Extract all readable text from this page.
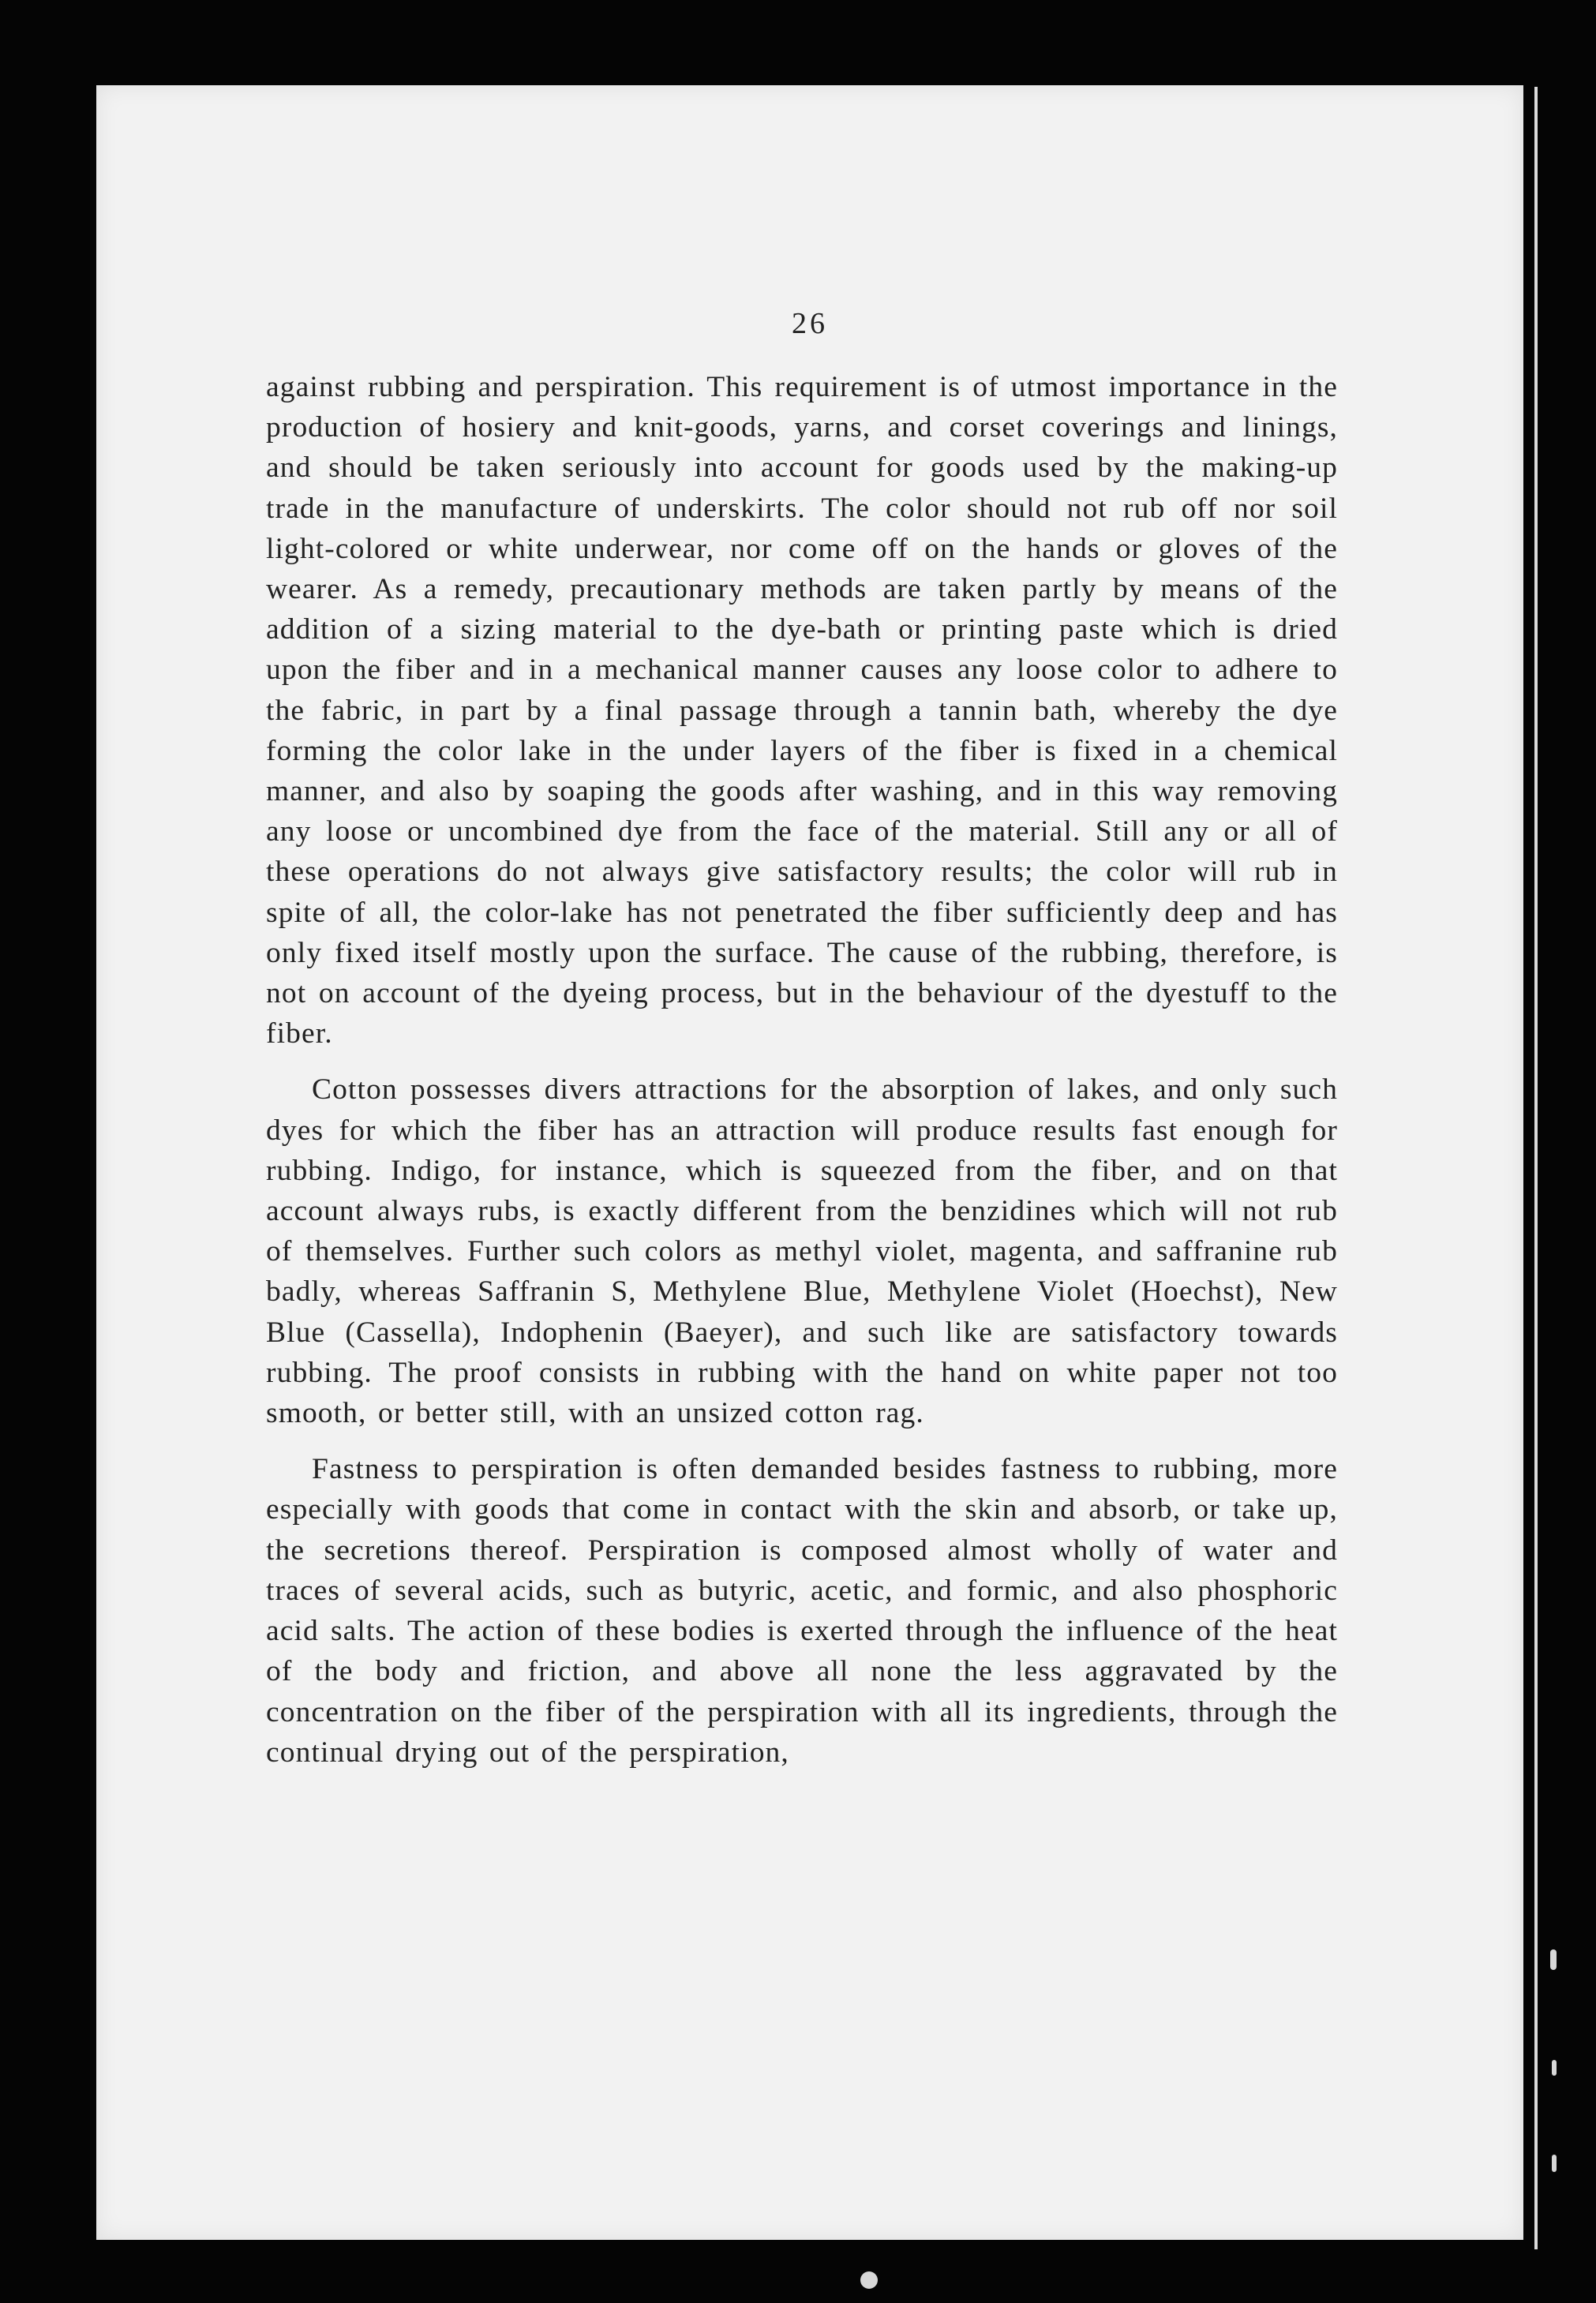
26

against rubbing and perspiration. This requirement is of utmost importance in the production of hosiery and knit-goods, yarns, and corset coverings and linings, and should be taken seriously into account for goods used by the making-up trade in the manufacture of underskirts. The color should not rub off nor soil light-colored or white underwear, nor come off on the hands or gloves of the wearer. As a remedy, precautionary methods are taken partly by means of the addition of a sizing material to the dye-bath or printing paste which is dried upon the fiber and in a mechanical manner causes any loose color to adhere to the fabric, in part by a final passage through a tannin bath, whereby the dye forming the color lake in the under layers of the fiber is fixed in a chemical manner, and also by soaping the goods after washing, and in this way removing any loose or uncombined dye from the face of the material. Still any or all of these operations do not always give satisfactory results; the color will rub in spite of all, the color-lake has not penetrated the fiber sufficiently deep and has only fixed itself mostly upon the surface. The cause of the rubbing, therefore, is not on account of the dyeing process, but in the behaviour of the dyestuff to the fiber.

Cotton possesses divers attractions for the absorption of lakes, and only such dyes for which the fiber has an attraction will produce results fast enough for rubbing. Indigo, for instance, which is squeezed from the fiber, and on that account always rubs, is exactly different from the benzidines which will not rub of themselves. Further such colors as methyl violet, magenta, and saffranine rub badly, whereas Saffranin S, Methylene Blue, Methylene Violet (Hoechst), New Blue (Cassella), Indophenin (Baeyer), and such like are satisfactory towards rubbing. The proof consists in rubbing with the hand on white paper not too smooth, or better still, with an unsized cotton rag.

Fastness to perspiration is often demanded besides fastness to rubbing, more especially with goods that come in contact with the skin and absorb, or take up, the secretions thereof. Perspiration is composed almost wholly of water and traces of several acids, such as butyric, acetic, and formic, and also phosphoric acid salts. The action of these bodies is exerted through the influence of the heat of the body and friction, and above all none the less aggravated by the concentration on the fiber of the perspiration with all its ingredients, through the continual drying out of the perspiration,
